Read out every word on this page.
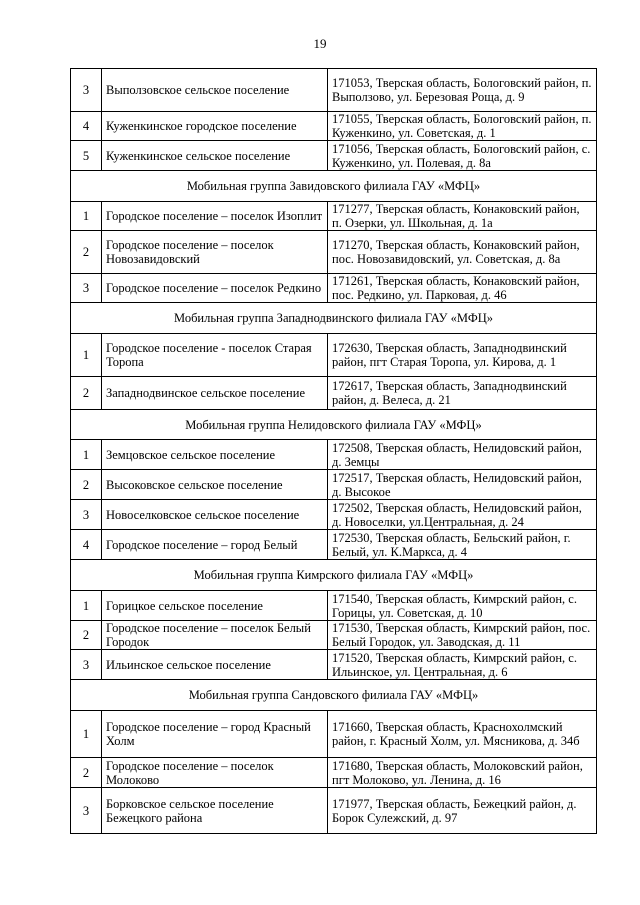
19
3	Выползовское сельское поселение	171053, Тверская область, Бологовский район, п. Выползово, ул. Березовая Роща, д. 9
4	Куженкинское городское поселение	171055, Тверская область, Бологовский район, п. Куженкино, ул. Советская, д. 1
5	Куженкинское сельское поселение	171056, Тверская область, Бологовский район, с. Куженкино, ул. Полевая, д. 8а
Мобильная группа Завидовского филиала ГАУ «МФЦ»		
1	Городское поселение – поселок Изоплит	171277, Тверская область, Конаковский район, п. Озерки, ул. Школьная, д. 1а
2	Городское поселение – поселок Новозавидовский	171270, Тверская область, Конаковский район, пос. Новозавидовский, ул. Советская, д. 8а
3	Городское поселение – поселок Редкино	171261, Тверская область, Конаковский район, пос. Редкино, ул. Парковая, д. 46
Мобильная группа Западнодвинского филиала ГАУ «МФЦ»		
1	Городское поселение - поселок Старая Торопа	172630, Тверская область, Западнодвинский район, пгт Старая Торопа, ул. Кирова, д. 1
2	Западнодвинское сельское поселение	172617, Тверская область, Западнодвинский район, д. Велеса, д. 21
Мобильная группа Нелидовского филиала ГАУ «МФЦ»		
1	Земцовское сельское поселение	172508, Тверская область, Нелидовский район, д. Земцы
2	Высоковское сельское поселение	172517, Тверская область, Нелидовский район, д. Высокое
3	Новоселковское сельское поселение	172502, Тверская область, Нелидовский район, д. Новоселки, ул.Центральная, д. 24
4	Городское поселение – город Белый	172530, Тверская область, Бельский район, г. Белый, ул. К.Маркса, д. 4
Мобильная группа Кимрского филиала ГАУ «МФЦ»		
1	Горицкое сельское поселение	171540, Тверская область, Кимрский район, с. Горицы, ул. Советская, д. 10
2	Городское поселение – поселок Белый Городок	171530, Тверская область, Кимрский район, пос. Белый Городок, ул. Заводская, д. 11
3	Ильинское сельское поселение	171520, Тверская область, Кимрский район, с. Ильинское, ул. Центральная, д. 6
Мобильная группа Сандовского филиала ГАУ «МФЦ»		
1	Городское поселение – город Красный Холм	171660, Тверская область, Краснохолмский район, г. Красный Холм, ул. Мясникова, д. 34б
2	Городское поселение – поселок Молоково	171680, Тверская область, Молоковский район, пгт Молоково, ул. Ленина, д. 16
3	Борковское сельское поселение Бежецкого района	171977, Тверская область, Бежецкий район, д. Борок Сулежский, д. 97
